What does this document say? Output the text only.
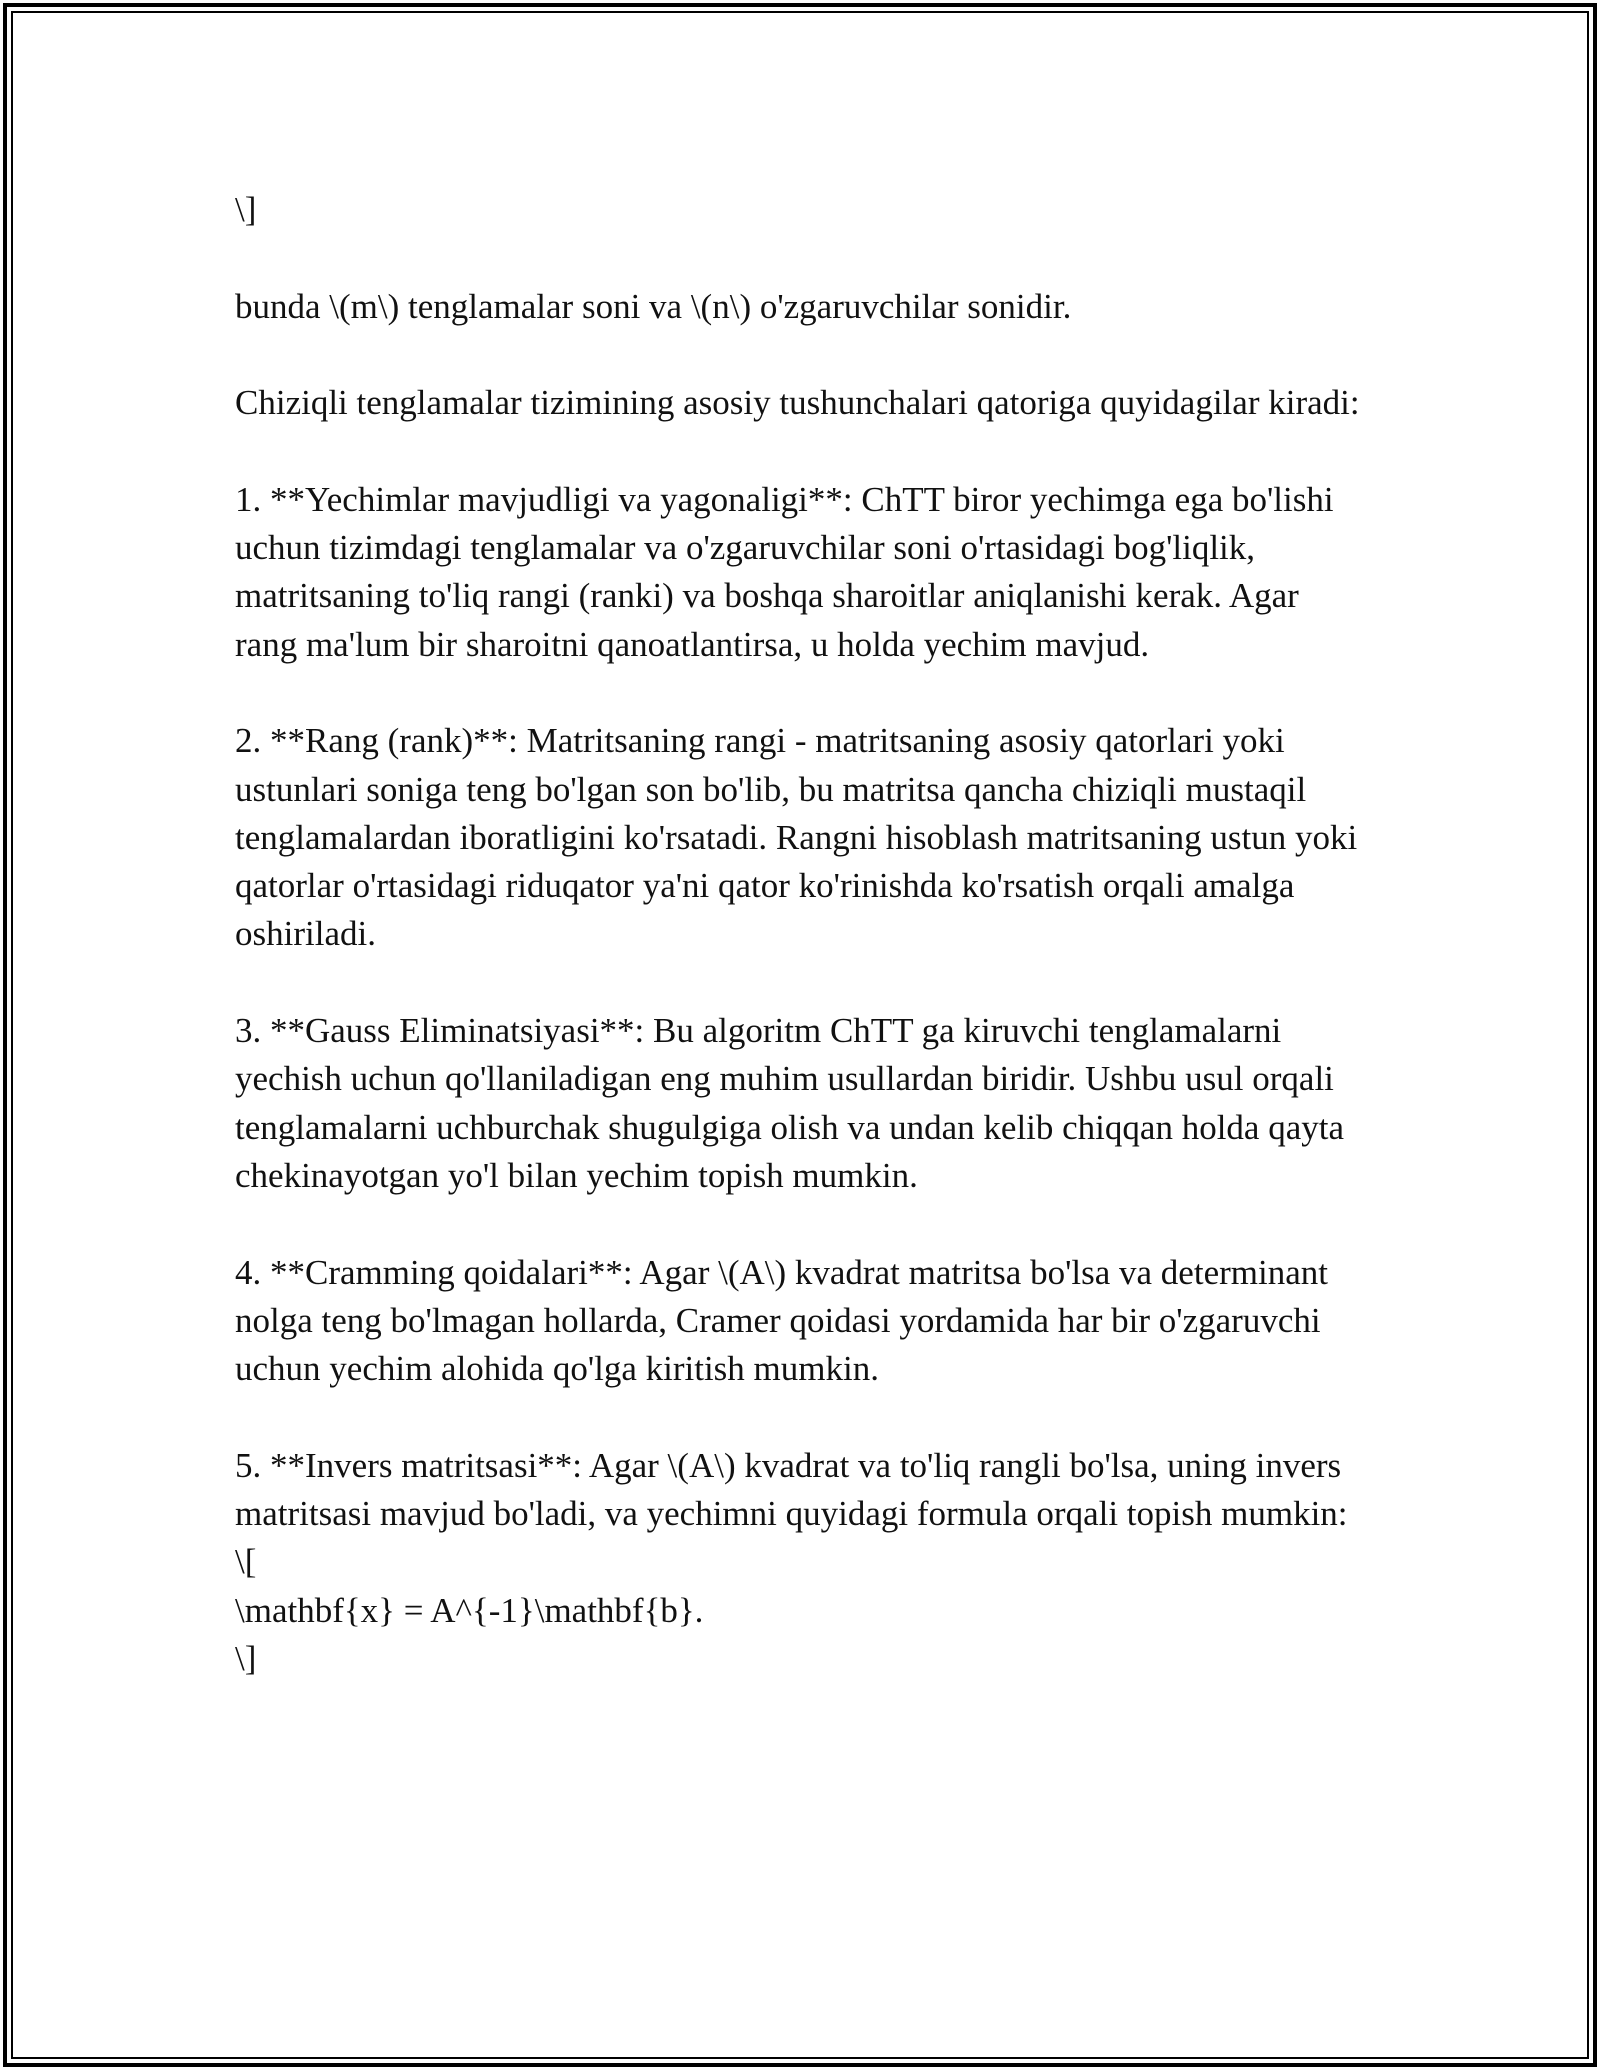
\]

bunda \(m\) tenglamalar soni va \(n\) o'zgaruvchilar sonidir.

Chiziqli tenglamalar tizimining asosiy tushunchalari qatoriga quyidagilar kiradi:

1. **Yechimlar mavjudligi va yagonaligi**: ChTT biror yechimga ega bo'lishi uchun tizimdagi tenglamalar va o'zgaruvchilar soni o'rtasidagi bog'liqlik, matritsaning to'liq rangi (ranki) va boshqa sharoitlar aniqlanishi kerak. Agar rang ma'lum bir sharoitni qanoatlantirsa, u holda yechim mavjud.

2. **Rang (rank)**: Matritsaning rangi - matritsaning asosiy qatorlari yoki ustunlari soniga teng bo'lgan son bo'lib, bu matritsa qancha chiziqli mustaqil tenglamalardan iboratligini ko'rsatadi. Rangni hisoblash matritsaning ustun yoki qatorlar o'rtasidagi riduqator ya'ni qator ko'rinishda ko'rsatish orqali amalga oshiriladi.

3. **Gauss Eliminatsiyasi**: Bu algoritm ChTT ga kiruvchi tenglamalarni yechish uchun qo'llaniladigan eng muhim usullardan biridir. Ushbu usul orqali tenglamalarni uchburchak shugulgiga olish va undan kelib chiqqan holda qayta chekinayotgan yo'l bilan yechim topish mumkin.

4. **Cramming qoidalari**: Agar \(A\) kvadrat matritsa bo'lsa va determinant nolga teng bo'lmagan hollarda, Cramer qoidasi yordamida har bir o'zgaruvchi uchun yechim alohida qo'lga kiritish mumkin.

5. **Invers matritsasi**: Agar \(A\) kvadrat va to'liq rangli bo'lsa, uning invers matritsasi mavjud bo'ladi, va yechimni quyidagi formula orqali topish mumkin:

\[

\mathbf{x} = A^{-1}\mathbf{b}.

\]
